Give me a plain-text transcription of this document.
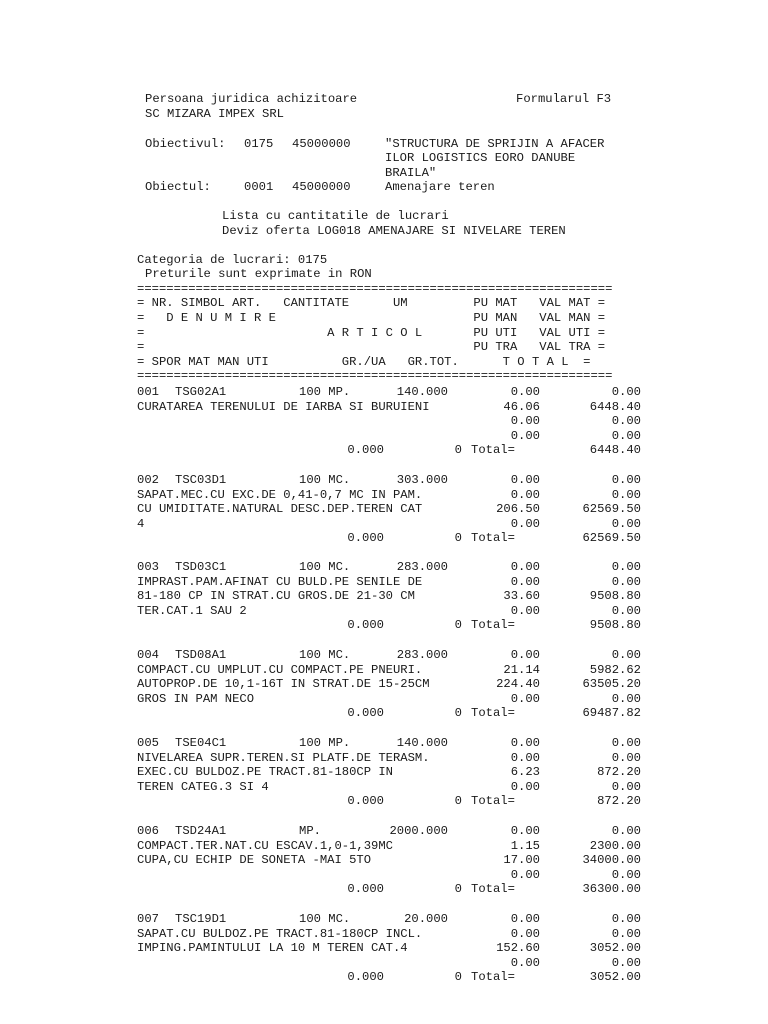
Persoana juridica achizitoare	Formularul F3
SC MIZARA IMPEX SRL
Obiectivul: 0175 45000000	"STRUCTURA DE SPRIJIN A AFACER
ILOR LOGISTICS EORO DANUBE
BRAILA"
Obiectul:	0001 45000000	Amenajare teren
Lista cu cantitatile de lucrari
Deviz oferta LOG018 AMENAJARE SI NIVELARE TEREN
Categoria de lucrari: 0175
Preturile sunt exprimate in RON
=================================================================
= NR. SIMBOL ART.   CANTITATE      UM         PU MAT   VAL MAT =
=   D E N U M I R E                           PU MAN   VAL MAN =
=                         A R T I C O L       PU UTI   VAL UTI =
=                                             PU TRA   VAL TRA =
= SPOR MAT MAN UTI          GR./UA   GR.TOT.      T O T A L  =
=================================================================
001 TSG02A1	100 MP.	140.000
CURATAREA TERENULUI DE IARBA SI BURUIENI
0.00	0.00
46.06	6448.40
0.00	0.00
0.00	0.00
0.000	0 Total=	6448.40
002 TSC03D1	100 MC.	303.000
SAPAT.MEC.CU EXC.DE 0,41-0,7 MC IN PAM.
CU UMIDITATE.NATURAL DESC.DEP.TEREN CAT
4
0.00	0.00
0.00	0.00
206.50	62569.50
0.00	0.00
0.000	0 Total=	62569.50
003 TSD03C1	100 MC.	283.000
IMPRAST.PAM.AFINAT CU BULD.PE SENILE DE
81-180 CP IN STRAT.CU GROS.DE 21-30 CM
TER.CAT.1 SAU 2
0.00	0.00
0.00	0.00
33.60	9508.80
0.00	0.00
0.000	0 Total=	9508.80
004 TSD08A1	100 MC.	283.000
COMPACT.CU UMPLUT.CU COMPACT.PE PNEURI.
AUTOPROP.DE 10,1-16T IN STRAT.DE 15-25CM
GROS IN PAM NECO
0.00	0.00
21.14	5982.62
224.40	63505.20
0.00	0.00
0.000	0 Total=	69487.82
005 TSE04C1	100 MP.	140.000
NIVELAREA SUPR.TEREN.SI PLATF.DE TERASM.
EXEC.CU BULDOZ.PE TRACT.81-180CP IN
TEREN CATEG.3 SI 4
0.00	0.00
0.00	0.00
6.23	872.20
0.00	0.00
0.000	0 Total=	872.20
006 TSD24A1	MP.	2000.000
COMPACT.TER.NAT.CU ESCAV.1,0-1,39MC
CUPA,CU ECHIP DE SONETA -MAI 5TO
0.00	0.00
1.15	2300.00
17.00	34000.00
0.00	0.00
0.000	0 Total=	36300.00
007 TSC19D1	100 MC.	20.000
SAPAT.CU BULDOZ.PE TRACT.81-180CP INCL.
IMPING.PAMINTULUI LA 10 M TEREN CAT.4
0.00	0.00
0.00	0.00
152.60	3052.00
0.00	0.00
0.000	0 Total=	3052.00
